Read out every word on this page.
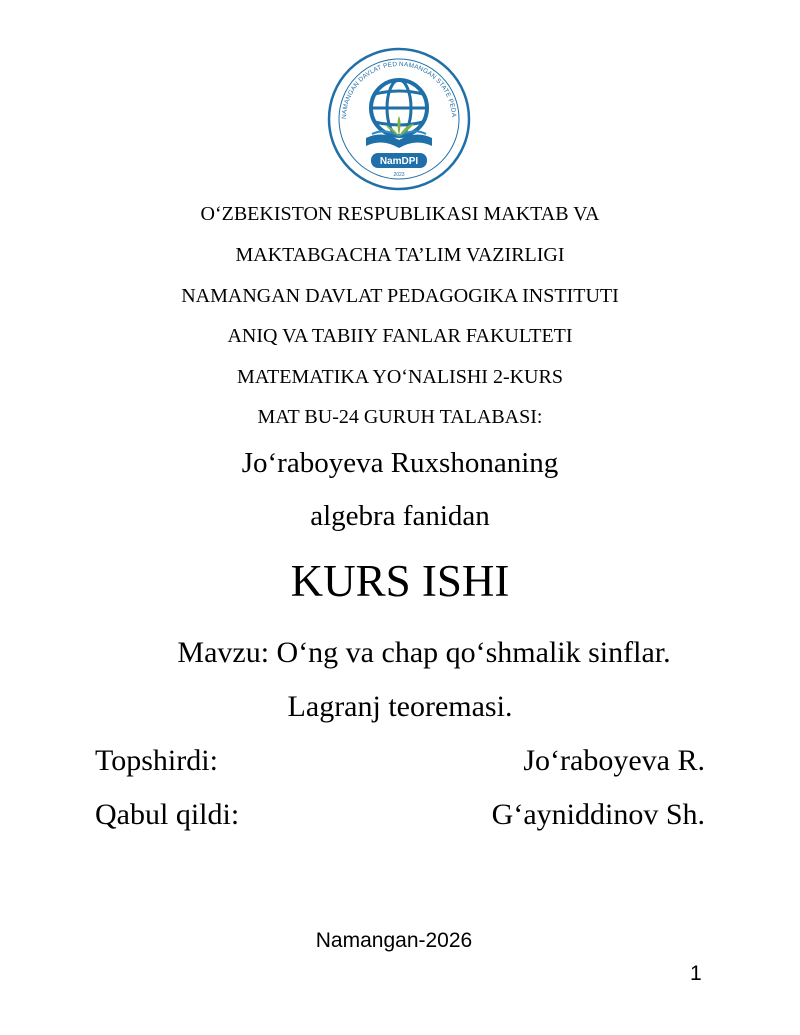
NAMANGAN DAVLAT PED NAMANGAN STATE PEDA
NamDPI
2023
O‘ZBEKISTON RESPUBLIKASI MAKTAB VA
MAKTABGACHA TA’LIM VAZIRLIGI
NAMANGAN DAVLAT PEDAGOGIKA INSTITUTI
ANIQ VA TABIIY FANLAR FAKULTETI
MATEMATIKA YO‘NALISHI 2-KURS
MAT BU-24 GURUH TALABASI:
Jo‘raboyeva Ruxshonaning
algebra fanidan
KURS ISHI
Mavzu: O‘ng va chap qo‘shmalik sinflar.
Lagranj teoremasi.
Topshirdi:	Jo‘raboyeva R.
Qabul qildi:	G‘ayniddinov Sh.
Namangan-2026
1
